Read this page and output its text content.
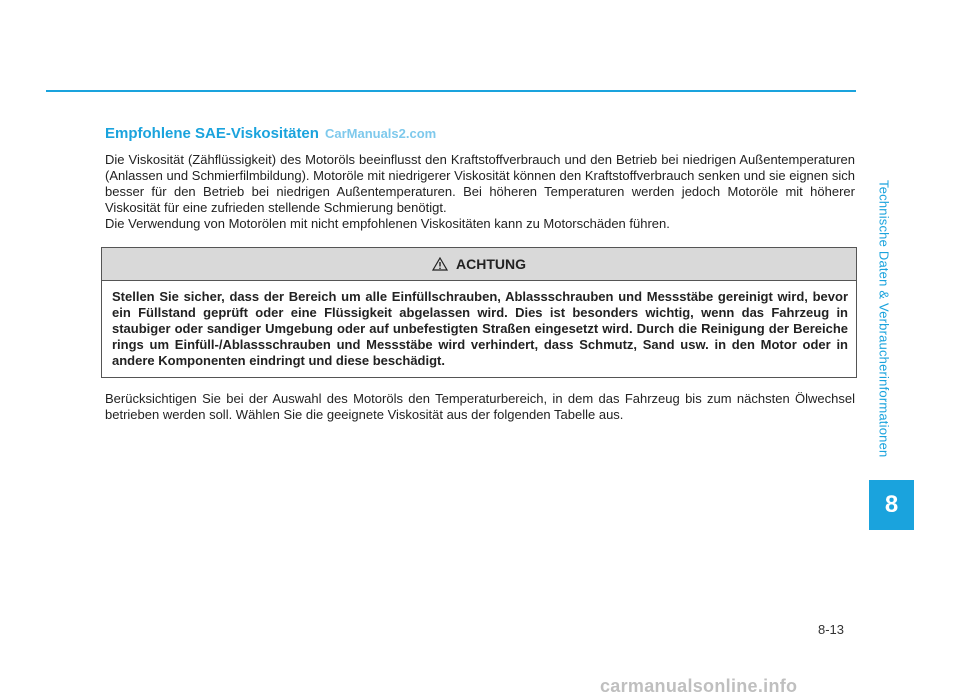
Technische Daten & Verbraucherinformationen
8
Empfohlene SAE-Viskositäten CarManuals2.com

Die Viskosität (Zähflüssigkeit) des Motoröls beeinflusst den Kraftstoffverbrauch und den Betrieb bei niedrigen Außentemperaturen (Anlassen und Schmierfilmbildung). Motoröle mit niedrigerer Viskosität können den Kraftstoffverbrauch senken und sie eignen sich besser für den Betrieb bei niedrigen Außentemperaturen. Bei höheren Temperaturen werden jedoch Motoröle mit höherer Viskosität für eine zufrieden stellende Schmierung benötigt.

Die Verwendung von Motorölen mit nicht empfohlenen Viskositäten kann zu Motorschäden führen.

ACHTUNG
Stellen Sie sicher, dass der Bereich um alle Einfüllschrauben, Ablassschrauben und Messstäbe gereinigt wird, bevor ein Füllstand geprüft oder eine Flüssigkeit abgelassen wird. Dies ist besonders wichtig, wenn das Fahrzeug in staubiger oder sandiger Umgebung oder auf unbefestigten Straßen eingesetzt wird. Durch die Reinigung der Bereiche rings um Einfüll-/Ablassschrauben und Messstäbe wird verhindert, dass Schmutz, Sand usw. in den Motor oder in andere Komponenten eindringt und diese beschädigt.

Berücksichtigen Sie bei der Auswahl des Motoröls den Temperaturbereich, in dem das Fahrzeug bis zum nächsten Ölwechsel betrieben werden soll. Wählen Sie die geeignete Viskosität aus der folgenden Tabelle aus.

8-13
carmanualsonline.info
